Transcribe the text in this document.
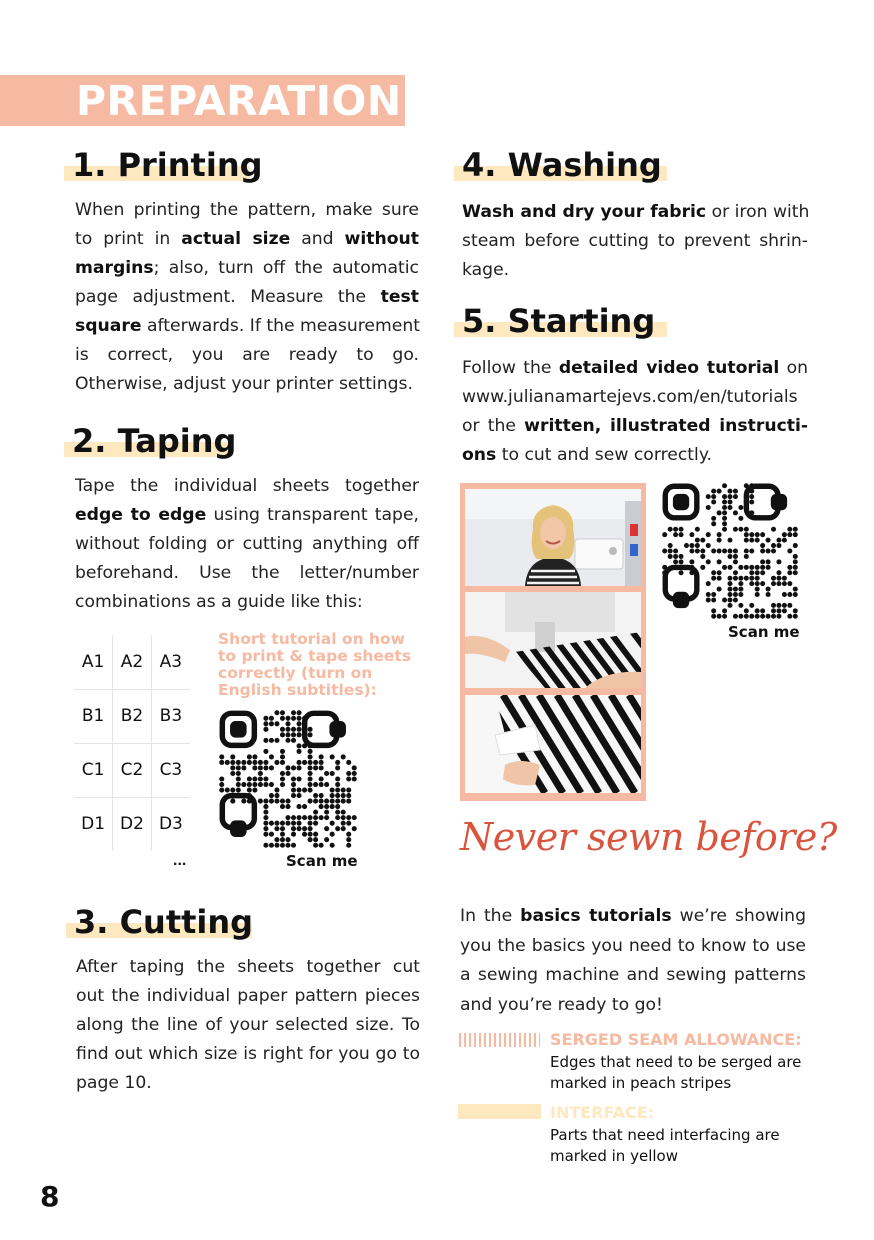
PREPARATION
1. Printing
When printing the pattern, make sure
to print in actual size and without
margins; also, turn off the automatic
page adjustment. Measure the test
square afterwards. If the measurement
is correct, you are ready to go.
Otherwise, adjust your printer settings.
2. Taping
Tape the individual sheets together
edge to edge using transparent tape,
without folding or cutting anything off
beforehand. Use the letter/number
combinations as a guide like this:
A1	A2	A3
B1	B2	B3
C1	C2	C3
D1	D2	D3
...
Short tutorial on how to print & tape sheets correctly (turn on English subtitles):
Scan me
3. Cutting
After taping the sheets together cut
out the individual paper pattern pieces
along the line of your selected size. To
find out which size is right for you go to
page 10.
4. Washing
Wash and dry your fabric or iron with
steam before cutting to prevent shrin-
kage.
5. Starting
Follow the detailed video tutorial on
www.julianamartejevs.com/en/tutorials
or the written, illustrated instructi-
ons to cut and sew correctly.
Scan me
Never sewn before?
In the basics tutorials we’re showing
you the basics you need to know to use
a sewing machine and sewing patterns
and you’re ready to go!
SERGED SEAM ALLOWANCE:
Edges that need to be serged are marked in peach stripes
INTERFACE:
Parts that need interfacing are marked in yellow
8
